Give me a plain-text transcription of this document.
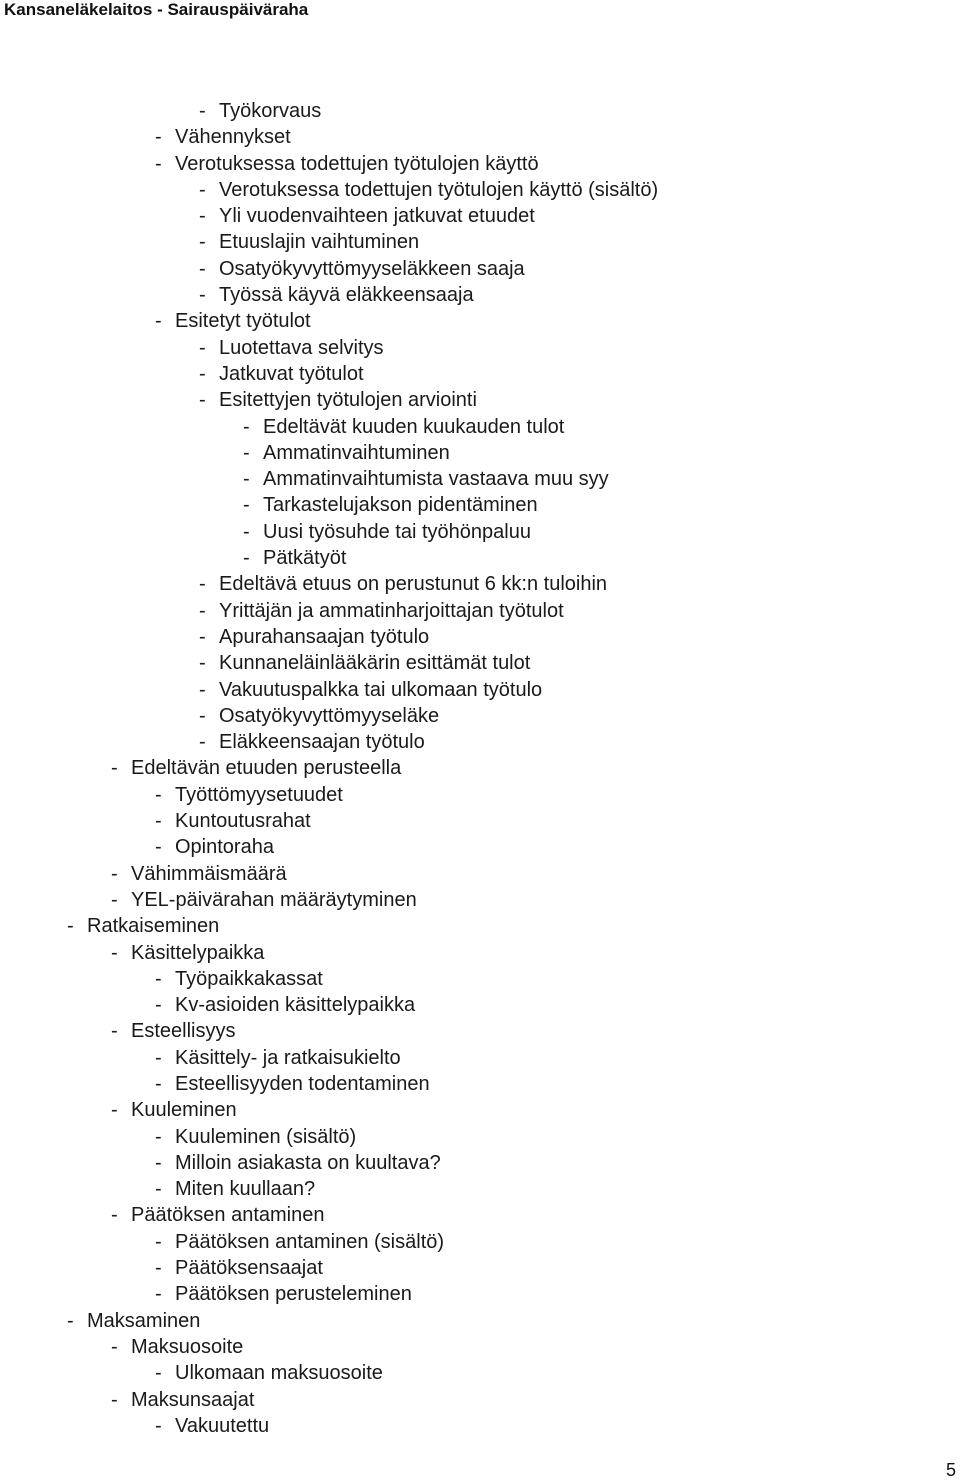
Kansaneläkelaitos - Sairauspäiväraha
- Työkorvaus
- Vähennykset
- Verotuksessa todettujen työtulojen käyttö
- Verotuksessa todettujen työtulojen käyttö (sisältö)
- Yli vuodenvaihteen jatkuvat etuudet
- Etuuslajin vaihtuminen
- Osatyökyvyttömyyseläkkeen saaja
- Työssä käyvä eläkkeensaaja
- Esitetyt työtulot
- Luotettava selvitys
- Jatkuvat työtulot
- Esitettyjen työtulojen arviointi
- Edeltävät kuuden kuukauden tulot
- Ammatinvaihtuminen
- Ammatinvaihtumista vastaava muu syy
- Tarkastelujakson pidentäminen
- Uusi työsuhde tai työhönpaluu
- Pätkätyöt
- Edeltävä etuus on perustunut 6 kk:n tuloihin
- Yrittäjän ja ammatinharjoittajan työtulot
- Apurahansaajan työtulo
- Kunnaneläinlääkärin esittämät tulot
- Vakuutuspalkka tai ulkomaan työtulo
- Osatyökyvyttömyyseläke
- Eläkkeensaajan työtulo
- Edeltävän etuuden perusteella
- Työttömyysetuudet
- Kuntoutusrahat
- Opintoraha
- Vähimmäismäärä
- YEL-päivärahan määräytyminen
- Ratkaiseminen
- Käsittelypaikka
- Työpaikkakassat
- Kv-asioiden käsittelypaikka
- Esteellisyys
- Käsittely- ja ratkaisukielto
- Esteellisyyden todentaminen
- Kuuleminen
- Kuuleminen (sisältö)
- Milloin asiakasta on kuultava?
- Miten kuullaan?
- Päätöksen antaminen
- Päätöksen antaminen (sisältö)
- Päätöksensaajat
- Päätöksen perusteleminen
- Maksaminen
- Maksuosoite
- Ulkomaan maksuosoite
- Maksunsaajat
- Vakuutettu
5
